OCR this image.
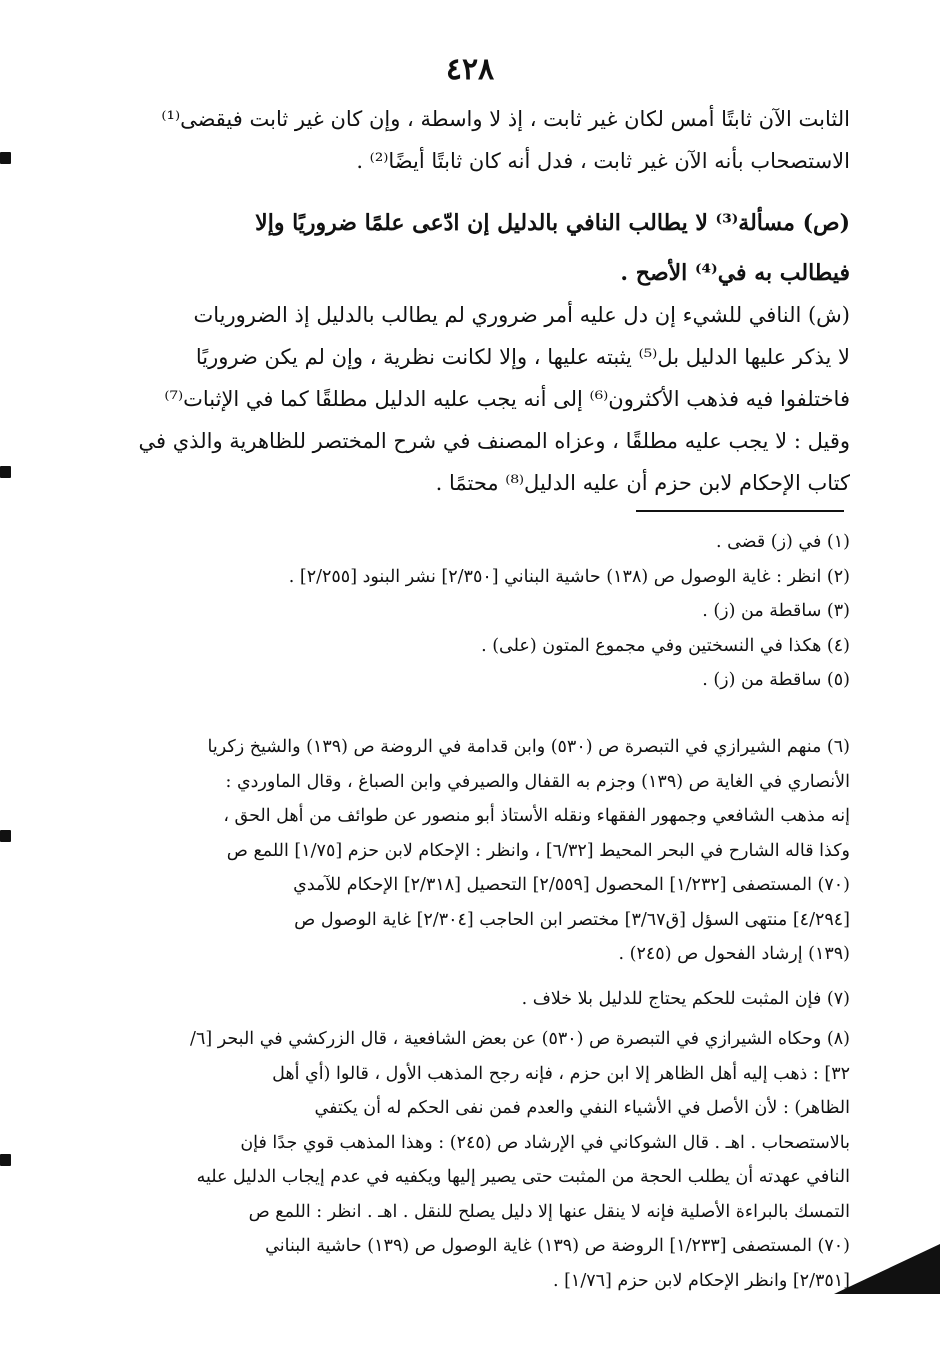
٤٢٨
الثابت الآن ثابتًا أمس لكان غير ثابت ، إذ لا واسطة ، وإن كان غير ثابت فيقضى⁽¹⁾
الاستصحاب بأنه الآن غير ثابت ، فدل أنه كان ثابتًا أيضًا⁽²⁾ .
(ص) مسألة⁽³⁾ لا يطالب النافي بالدليل إن ادّعى علمًا ضروريًا وإلا
فيطالب به في⁽⁴⁾ الأصح .
(ش) النافي للشيء إن دل عليه أمر ضروري لم يطالب بالدليل إذ الضروريات
لا يذكر عليها الدليل بل⁽⁵⁾ يثبته عليها ، وإلا لكانت نظرية ، وإن لم يكن ضروريًا
فاختلفوا فيه فذهب الأكثرون⁽⁶⁾ إلى أنه يجب عليه الدليل مطلقًا كما في الإثبات⁽⁷⁾
وقيل : لا يجب عليه مطلقًا ، وعزاه المصنف في شرح المختصر للظاهرية والذي في
كتاب الإحكام لابن حزم أن عليه الدليل⁽⁸⁾ محتمًا .
(١) في (ز) قضى .
(٢) انظر : غاية الوصول ص (١٣٨) حاشية البناني [٢/٣٥٠] نشر البنود [٢/٢٥٥] .
(٣) ساقطة من (ز) .
(٤) هكذا في النسختين وفي مجموع المتون (على) .
(٥) ساقطة من (ز) .
(٦) منهم الشيرازي في التبصرة ص (٥٣٠) وابن قدامة في الروضة ص (١٣٩) والشيخ زكريا
الأنصاري في الغاية ص (١٣٩) وجزم به القفال والصيرفي وابن الصباغ ، وقال الماوردي :
إنه مذهب الشافعي وجمهور الفقهاء ونقله الأستاذ أبو منصور عن طوائف من أهل الحق ،
وكذا قاله الشارح في البحر المحيط [٦/٣٢] ، وانظر : الإحكام لابن حزم [١/٧٥] اللمع ص
(٧٠) المستصفى [١/٢٣٢] المحصول [٢/٥٥٩] التحصيل [٢/٣١٨] الإحكام للآمدي
[٤/٢٩٤] منتهى السؤل [ق٣/٦٧] مختصر ابن الحاجب [٢/٣٠٤] غاية الوصول ص
(١٣٩) إرشاد الفحول ص (٢٤٥) .
(٧) فإن المثبت للحكم يحتاج للدليل بلا خلاف .
(٨) وحكاه الشيرازي في التبصرة ص (٥٣٠) عن بعض الشافعية ، قال الزركشي في البحر [٦/
٣٢] : ذهب إليه أهل الظاهر إلا ابن حزم ، فإنه رجح المذهب الأول ، قالوا (أي أهل
الظاهر) : لأن الأصل في الأشياء النفي والعدم فمن نفى الحكم له أن يكتفي
بالاستصحاب . اهـ . قال الشوكاني في الإرشاد ص (٢٤٥) : وهذا المذهب قوي جدًا فإن
النافي عهدته أن يطلب الحجة من المثبت حتى يصير إليها ويكفيه في عدم إيجاب الدليل عليه
التمسك بالبراءة الأصلية فإنه لا ينقل عنها إلا دليل يصلح للنقل . اهـ . انظر : اللمع ص
(٧٠) المستصفى [١/٢٣٣] الروضة ص (١٣٩) غاية الوصول ص (١٣٩) حاشية البناني
[٢/٣٥١] وانظر الإحكام لابن حزم [١/٧٦] .
